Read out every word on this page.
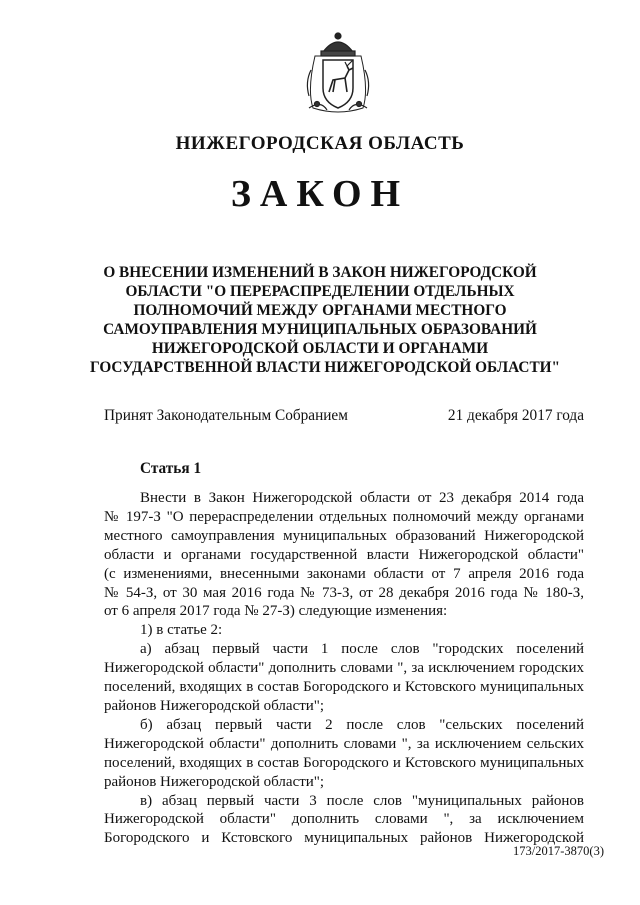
НИЖЕГОРОДСКАЯ ОБЛАСТЬ
ЗАКОН
О ВНЕСЕНИИ ИЗМЕНЕНИЙ В ЗАКОН НИЖЕГОРОДСКОЙ
ОБЛАСТИ "О ПЕРЕРАСПРЕДЕЛЕНИИ ОТДЕЛЬНЫХ
ПОЛНОМОЧИЙ МЕЖДУ ОРГАНАМИ МЕСТНОГО
САМОУПРАВЛЕНИЯ МУНИЦИПАЛЬНЫХ ОБРАЗОВАНИЙ
НИЖЕГОРОДСКОЙ ОБЛАСТИ И ОРГАНАМИ
ГОСУДАРСТВЕННОЙ ВЛАСТИ НИЖЕГОРОДСКОЙ ОБЛАСТИ"
Принят Законодательным Собранием	21 декабря 2017 года
Статья 1
Внести в Закон Нижегородской области от 23 декабря 2014 года
№ 197-З "О перераспределении отдельных полномочий между органами
местного самоуправления муниципальных образований Нижегородской
области и органами государственной власти Нижегородской области"
(с изменениями, внесенными законами области от 7 апреля 2016 года
№ 54-З, от 30 мая 2016 года № 73-З, от 28 декабря 2016 года № 180-З,
от 6 апреля 2017 года № 27-З) следующие изменения:
1) в статье 2:
а) абзац первый части 1 после слов "городских поселений
Нижегородской области" дополнить словами ", за исключением городских
поселений, входящих в состав Богородского и Кстовского муниципальных
районов Нижегородской области";
б) абзац первый части 2 после слов "сельских поселений
Нижегородской области" дополнить словами ", за исключением сельских
поселений, входящих в состав Богородского и Кстовского муниципальных
районов Нижегородской области";
в) абзац первый части 3 после слов "муниципальных районов
Нижегородской области" дополнить словами ", за исключением
Богородского и Кстовского муниципальных районов Нижегородской
173/2017-3870(3)
